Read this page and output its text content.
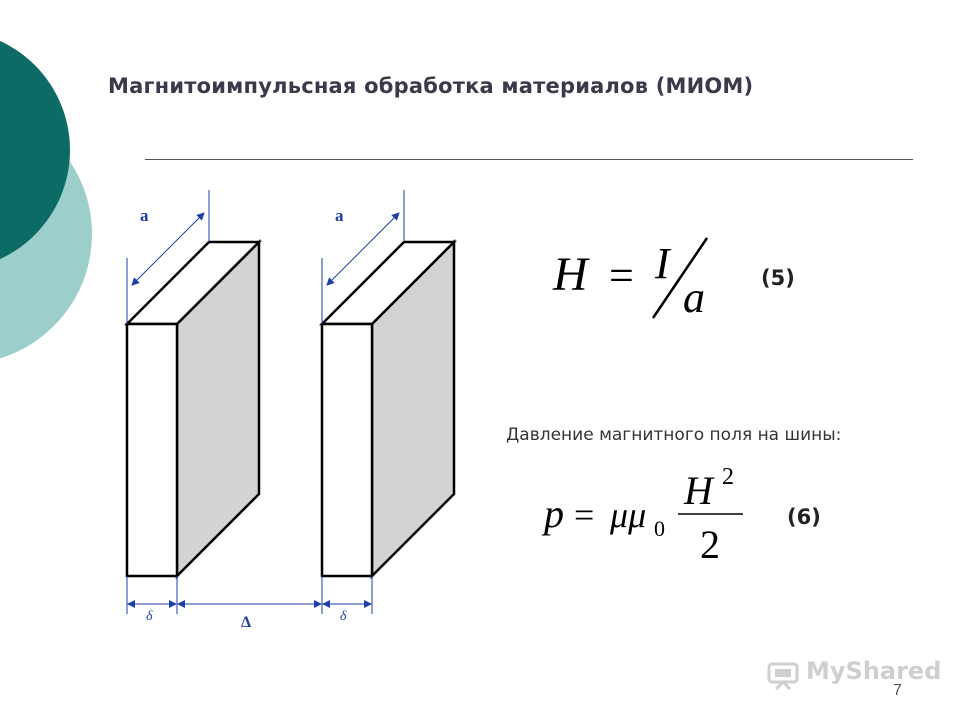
Магнитоимпульсная обработка материалов (МИОМ)
a	a
δ	Δ	δ
H = I
a	(5)
Давление магнитного поля на шины:
p = μμ 0
H 2
2
(6)
MyShared
7
